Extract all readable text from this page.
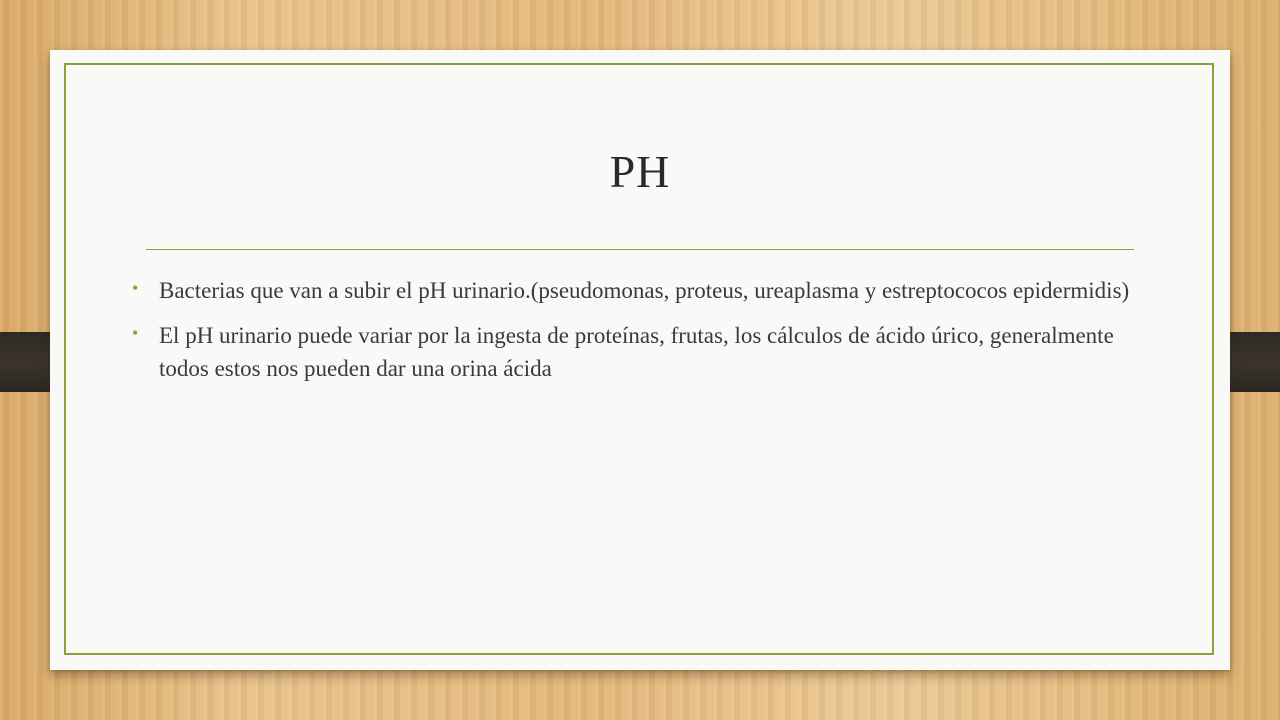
PH
• Bacterias que van a subir el pH urinario.(pseudomonas, proteus, ureaplasma y estreptococos epidermidis)
• El pH urinario puede variar por la ingesta de proteínas, frutas, los cálculos de ácido úrico, generalmente todos estos nos pueden dar una orina ácida
